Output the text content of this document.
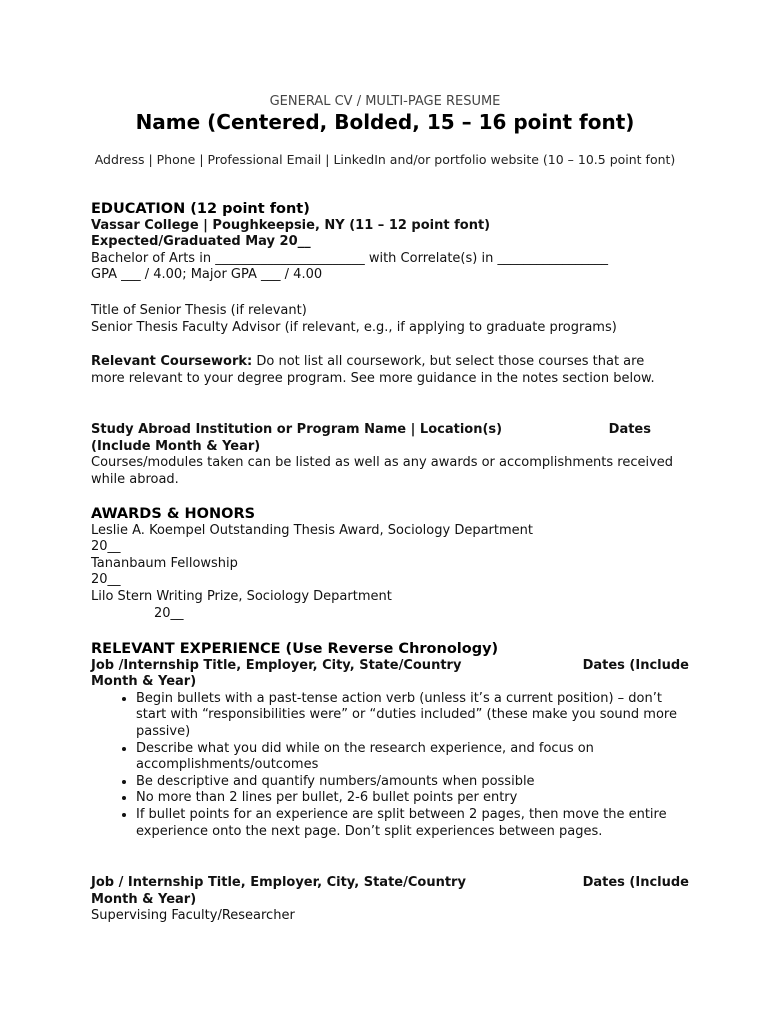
GENERAL CV / MULTI-PAGE RESUME
Name (Centered, Bolded, 15 – 16 point font)
Address | Phone | Professional Email | LinkedIn and/or portfolio website (10 – 10.5 point font)
EDUCATION (12 point font)
Vassar College | Poughkeepsie, NY (11 – 12 point font)
Expected/Graduated May 20__
Bachelor of Arts in _______________________ with Correlate(s) in _________________
GPA ___ / 4.00; Major GPA ___ / 4.00
Title of Senior Thesis (if relevant)
Senior Thesis Faculty Advisor (if relevant, e.g., if applying to graduate programs)
Relevant Coursework: Do not list all coursework, but select those courses that are more relevant to your degree program. See more guidance in the notes section below.
Study Abroad Institution or Program Name | Location(s)	Dates
(Include Month & Year)
Courses/modules taken can be listed as well as any awards or accomplishments received while abroad.
AWARDS & HONORS
Leslie A. Koempel Outstanding Thesis Award, Sociology Department
20__
Tananbaum Fellowship
20__
Lilo Stern Writing Prize, Sociology Department
20__
RELEVANT EXPERIENCE (Use Reverse Chronology)
Job /Internship Title, Employer, City, State/Country	Dates (Include
Month & Year)
• Begin bullets with a past-tense action verb (unless it’s a current position) – don’t start with “responsibilities were” or “duties included” (these make you sound more passive)
• Describe what you did while on the research experience, and focus on accomplishments/outcomes
• Be descriptive and quantify numbers/amounts when possible
• No more than 2 lines per bullet, 2-6 bullet points per entry
• If bullet points for an experience are split between 2 pages, then move the entire experience onto the next page. Don’t split experiences between pages.
Job / Internship Title, Employer, City, State/Country	Dates (Include
Month & Year)
Supervising Faculty/Researcher
